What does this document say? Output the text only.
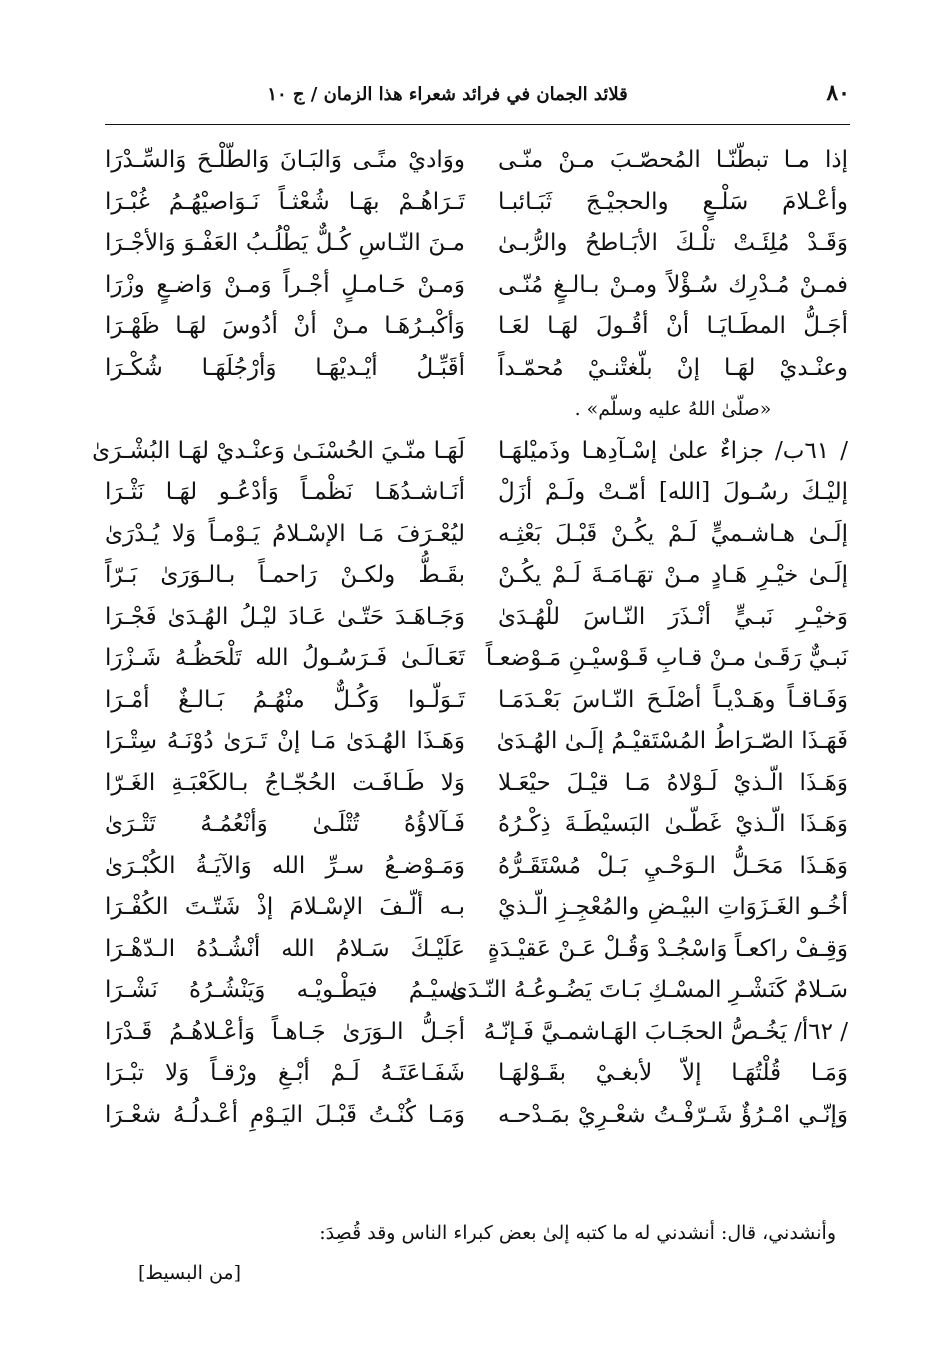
٨٠
قلائد الجمان في فرائد شعراء هذا الزمان / ج ١٠
إذا مـا تبطّنّـا المُحصّـبَ مـنْ منّـى
وأعْـلامَ سَلْـعٍ والحجيْـجَ ثَبَـائبـا
وَقَـدْ مُلِئَـتْ تلْـكَ الأبَـاطحُ والرُّبـىٰ
فمـنْ مُـدْرِك سُـؤْلاً ومـنْ بـالـغٍ مُنّـى
أجَـلُّ المطَـايَـا أنْ أقُـولَ لهَـا لعَـا
وعنْـديْ لهَـا إنْ بلّغتْنـيْ مُحمّـداً
«صلّىٰ اللهُ عليه وسلّم» .
/ ٦١ب/ جزاءٌ علىٰ إسْـآدِهـا وذَميْلهَـا
إليْـكَ رسُـولَ [الله] أمّـتْ ولَـمْ أزَلْ
إلَـىٰ هـاشـميٍّ لَـمْ يكُـنْ قَبْـلَ بَعْثِـه
إلَـىٰ خيْـرِ هَـادٍ مـنْ تهَـامَـةَ لَـمْ يكُـنْ
وَخيْـرِ نَبـيٍّ أنْـذَرَ النّـاسَ للْهُـدَىٰ
نَبـيٌّ رَقَـىٰ مـنْ قـابِ قَـوْسيْـنِ مَـوْضعـاً
وَفَـاقـاً وهَـدْيـاً أصْلَـحَ النّـاسَ بَعْـدَمَـا
فَهَـذَا الصّـرَاطُ المُسْتَقيْـمُ إلَـىٰ الهُـدَىٰ
وَهَـذَا الّـذيْ لَـوْلاهُ مَـا قيْـلَ حيْعَـلا
وَهَـذَا الّـذيْ غَطّـىٰ البَسيْطَـةَ ذِكْـرُهُ
وَهَـذَا مَحَـلُّ الـوَحْـيِ بَـلْ مُسْتَقَـرُّهُ
أخُـو الغَـزَوَاتِ البيْـضِ والمُعْجِـزِ الّـذيْ
وَقِـفْ راكعـاً وَاسْجُـدْ وَقُـلْ عَـنْ عَقيْـدَةٍ
سَـلامٌ كَنَشْـرِ المسْـكِ بَـاتَ يَضُـوعُـهُ النّـدَىٰ
/ ٦٢أ/ يَخُـصُّ الحجَـابَ الهَـاشمـيَّ فَـإنّـهُ
وَمَـا قُلْتُهَـا إلاّ لأبغـيْ بقَـوْلهَـا
وَإنّـي امْـرُؤٌ شَـرّفْـتُ شعْـرِيْ بمَـدْحـه
ووَاديْ منًـى وَالبَـانَ وَالطّلْـحَ وَالسِّـدْرَا
تَـرَاهُـمْ بهَـا شُعْثـاً نَـوَاصيْهُـمُ غُبْـرَا
مـنَ النّـاسِ كُـلٌّ يَطْلُـبُ العَفْـوَ وَالأجْـرَا
وَمـنْ حَـامـلٍ أجْـراً وَمـنْ وَاضـعٍ وزْرَا
وَأكْبـرُهَـا مـنْ أنْ أدُوسَ لهَـا ظَهْـرَا
أقَبِّـلُ أيْـديْهَـا وَأرْجُلَهَـا شُكْـرَا
لَهَـا منّـيَ الحُسْنَـىٰ وَعنْـديْ لهَـا البُشْـرَىٰ
أنَـاشـدُهَـا نَظْمـاً وَأدْعُـو لهَـا نَثْـرَا
ليُعْـرَفَ مَـا الإسْـلامُ يَـوْمـاً وَلا يُـدْرَىٰ
بقَـطُّ ولكـنْ رَاحمـاً بـالـوَرَىٰ بَـرّاً
وَجَـاهَـدَ حَتّـىٰ عَـادَ ليْـلُ الهُـدَىٰ فَجْـرَا
تَعَـالَـىٰ فَـرَسُـولُ الله تَلْحَظُـهُ شَـزْرَا
تَـوَلّـوا وَكُـلٌّ منْهُـمُ بَـالـغٌ أمْـرَا
وَهَـذَا الهُـدَىٰ مَـا إنْ تَـرَىٰ دُوْنَـهُ سِتْـرَا
وَلا طَـافَـت الحُجّـاجُ بـالكَعْبَـةِ الغَـرّا
فَـآلاؤُهُ تُتْلَـىٰ وَأنْعُمُـهُ تَتْـرَىٰ
وَمَـوْضـعُ سـرِّ الله وَالآيَـةُ الكُبْـرَىٰ
بـه ألّـفَ الإسْـلامَ إذْ شَتّـتَ الكُفْـرَا
عَلَيْـكَ سَـلامُ الله أنْشُـدُهُ الـدّهْـرَا
ـسيْـمُ فيَطْـويْـه وَيَنْشُـرُهُ نَشْـرَا
أجَـلُّ الـوَرَىٰ جَـاهـاً وَأعْـلاهُـمُ قَـدْرَا
شَفَـاعَتَـهُ لَـمْ أبْـغِ ورْقـاً وَلا تبْـرَا
وَمَـا كُنْـتُ قَبْـلَ اليَـوْمِ أعْـدلُـهُ شعْـرَا
وأنشدني، قال: أنشدني له ما كتبه إلىٰ بعض كبراء الناس وقد قُصِدَ:
[من البسيط]
